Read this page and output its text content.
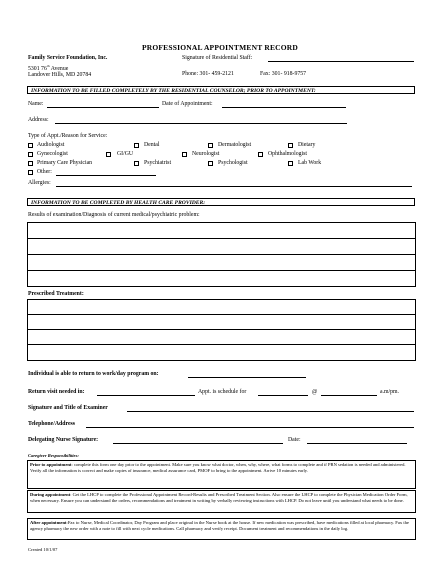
PROFESSIONAL APPOINTMENT RECORD
Family Service Foundation, Inc.
5301 76th Avenue
Landover Hills, MD 20784
Signature of Residential Staff:
Phone: 301- 459-2121	Fax: 301- 918-9757
INFORMATION TO BE FILLED COMPLETELY BY THE RESIDENTIAL COUNSELOR; PRIOR TO APPOINTMENT:
Name:	Date of Appointment:
Address:
Type of Appt./Reason for Service:
Audiologist	Dental	Dermatologist	Dietary
Gynecologist	GI/GU	Neurologist	Ophthalmologist
Primary Care Physician	Psychiatrist	Psychologist	Lab Work
Other:
Allergies:
INFORMATION TO BE COMPLETED BY HEALTH CARE PROVIDER:
Results of examination/Diagnosis of current medical/psychiatric problem:
Prescribed Treatment:
Individual is able to return to work/day program on:
Return visit needed in:	Appt. is schedule for	@	a.m/pm.
Signature and Title of Examiner
Telephone/Address
Delegating Nurse Signature:	Date:
Caregiver Responsibilities:
Prior to appointment: complete this form one day prior to the appointment. Make sure you know what doctor, when, why, where, what forms to complete and if PRN sedation is needed and administered. Verify all the information is correct and make copies of insurance, medical assurance card, PMOF to bring to the appointment. Arrive 10 minutes early.
During appointment: Get the LHCP to complete the Professional Appointment Record-Results and Prescribed Treatment Section. Also ensure the LHCP to complete the Physician Medication Order Form, when necessary. Ensure you can understand the orders, recommendations and treatment in writing by verbally reviewing instructions with LHCP. Do not leave until you understand what needs to be done.
After appointment:Fax to Nurse, Medical Coordinator, Day Program and place original in the Nurse book at the house. If new medication was prescribed, have medications filled at local pharmacy. Fax the agency pharmacy the new order with a note to fill with next cycle medications. Call pharmacy and verify receipt. Document treatment and recommendations in the daily log.
Created 10/1/07
